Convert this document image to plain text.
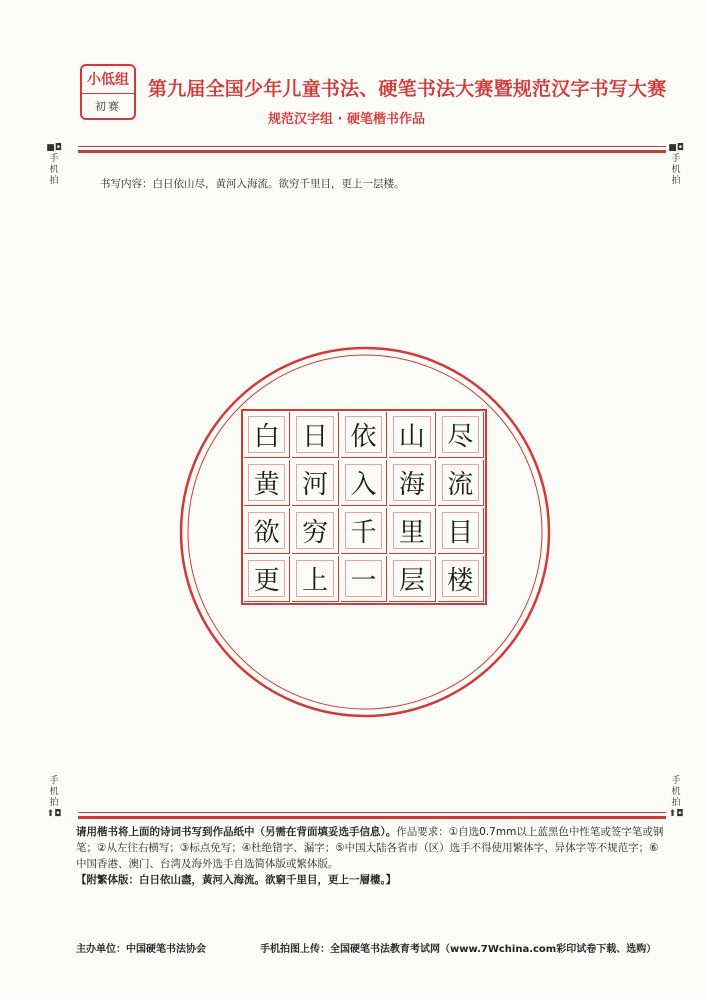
小低组
初赛
第九届全国少年儿童书法、硬笔书法大赛暨规范汉字书写大赛
规范汉字组 · 硬笔楷书作品
■◘
手
机
拍
■◘
手
机
拍
书写内容：白日依山尽，黄河入海流。欲穷千里目，更上一层楼。
白 日 依 山 尽
黄 河 入 海 流
欲 穷 千 里 目
更 上 一 层 楼
手
机
拍
⬆◘
手
机
拍
⬆◘
请用楷书将上面的诗词书写到作品纸中（另需在背面填妥选手信息）。作品要求：①自选0.7mm以上蓝黑色中性笔或签字笔或钢笔；②从左往右横写；③标点免写；④杜绝错字、漏字；⑤中国大陆各省市（区）选手不得使用繁体字、异体字等不规范字；⑥中国香港、澳门、台湾及海外选手自选简体版或繁体版。
【附繁体版：白日依山盡，黃河入海流。欲窮千里目，更上一層樓。】
主办单位：中国硬笔书法协会	手机拍图上传：全国硬笔书法教育考试网（www.7Wchina.com彩印试卷下载、选购）
